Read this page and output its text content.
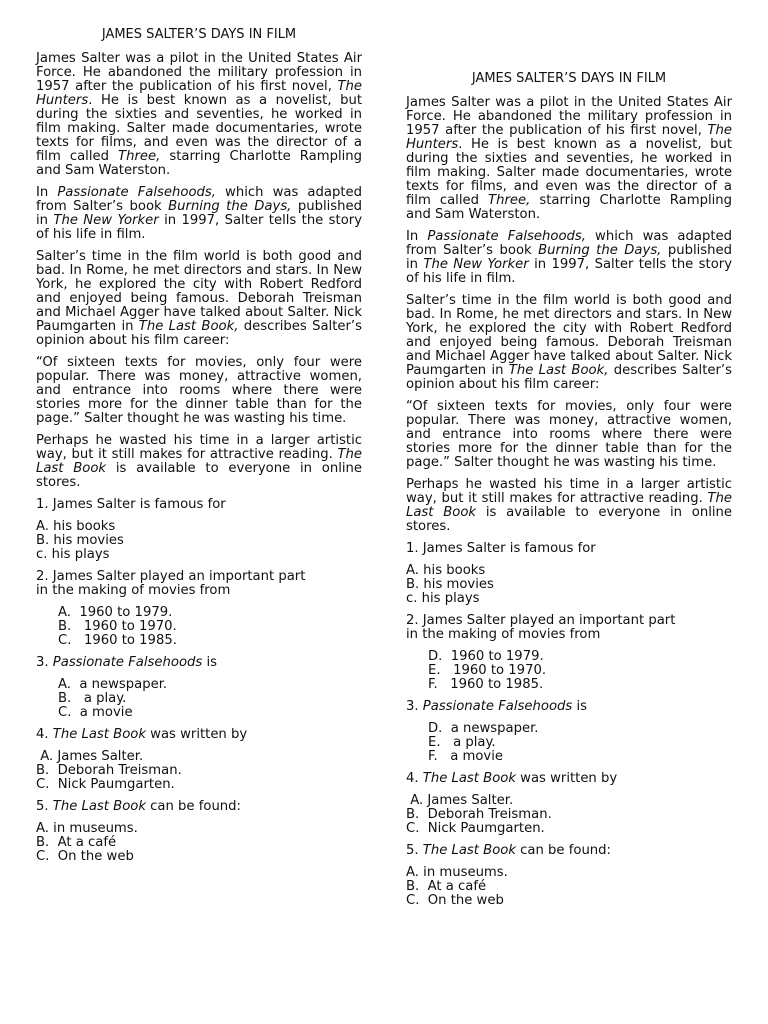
JAMES SALTER’S DAYS IN FILM

James Salter was a pilot in the United States Air Force. He abandoned the military profession in 1957 after the publication of his first novel, The Hunters. He is best known as a novelist, but during the sixties and seventies, he worked in film making. Salter made documentaries, wrote texts for films, and even was the director of a film called Three, starring Charlotte Rampling and Sam Waterston.

In Passionate Falsehoods, which was adapted from Salter’s book Burning the Days, published in The New Yorker in 1997, Salter tells the story of his life in film.

Salter’s time in the film world is both good and bad. In Rome, he met directors and stars. In New York, he explored the city with Robert Redford and enjoyed being famous. Deborah Treisman and Michael Agger have talked about Salter. Nick Paumgarten in The Last Book, describes Salter’s opinion about his film career:

“Of sixteen texts for movies, only four were popular. There was money, attractive women, and entrance into rooms where there were stories more for the dinner table than for the page.” Salter thought he was wasting his time.

Perhaps he wasted his time in a larger artistic way, but it still makes for attractive reading. The Last Book is available to everyone in online stores.

1. James Salter is famous for
A. his books
B. his movies
c. his plays
2. James Salter played an important part
in the making of movies from
A.  1960 to 1979.
B.   1960 to 1970.
C.   1960 to 1985.
3. Passionate Falsehoods is
A.  a newspaper.
B.   a play.
C.  a movie
4. The Last Book was written by
A. James Salter.
B.  Deborah Treisman.
C.  Nick Paumgarten.
5. The Last Book can be found:
A. in museums.
B.  At a café
C.  On the web
JAMES SALTER’S DAYS IN FILM

James Salter was a pilot in the United States Air Force. He abandoned the military profession in 1957 after the publication of his first novel, The Hunters. He is best known as a novelist, but during the sixties and seventies, he worked in film making. Salter made documentaries, wrote texts for films, and even was the director of a film called Three, starring Charlotte Rampling and Sam Waterston.

In Passionate Falsehoods, which was adapted from Salter’s book Burning the Days, published in The New Yorker in 1997, Salter tells the story of his life in film.

Salter’s time in the film world is both good and bad. In Rome, he met directors and stars. In New York, he explored the city with Robert Redford and enjoyed being famous. Deborah Treisman and Michael Agger have talked about Salter. Nick Paumgarten in The Last Book, describes Salter’s opinion about his film career:

“Of sixteen texts for movies, only four were popular. There was money, attractive women, and entrance into rooms where there were stories more for the dinner table than for the page.” Salter thought he was wasting his time.

Perhaps he wasted his time in a larger artistic way, but it still makes for attractive reading. The Last Book is available to everyone in online stores.

1. James Salter is famous for
A. his books
B. his movies
c. his plays
2. James Salter played an important part
in the making of movies from
D.  1960 to 1979.
E.   1960 to 1970.
F.   1960 to 1985.
3. Passionate Falsehoods is
D.  a newspaper.
E.   a play.
F.   a movie
4. The Last Book was written by
A. James Salter.
B.  Deborah Treisman.
C.  Nick Paumgarten.
5. The Last Book can be found:
A. in museums.
B.  At a café
C.  On the web
